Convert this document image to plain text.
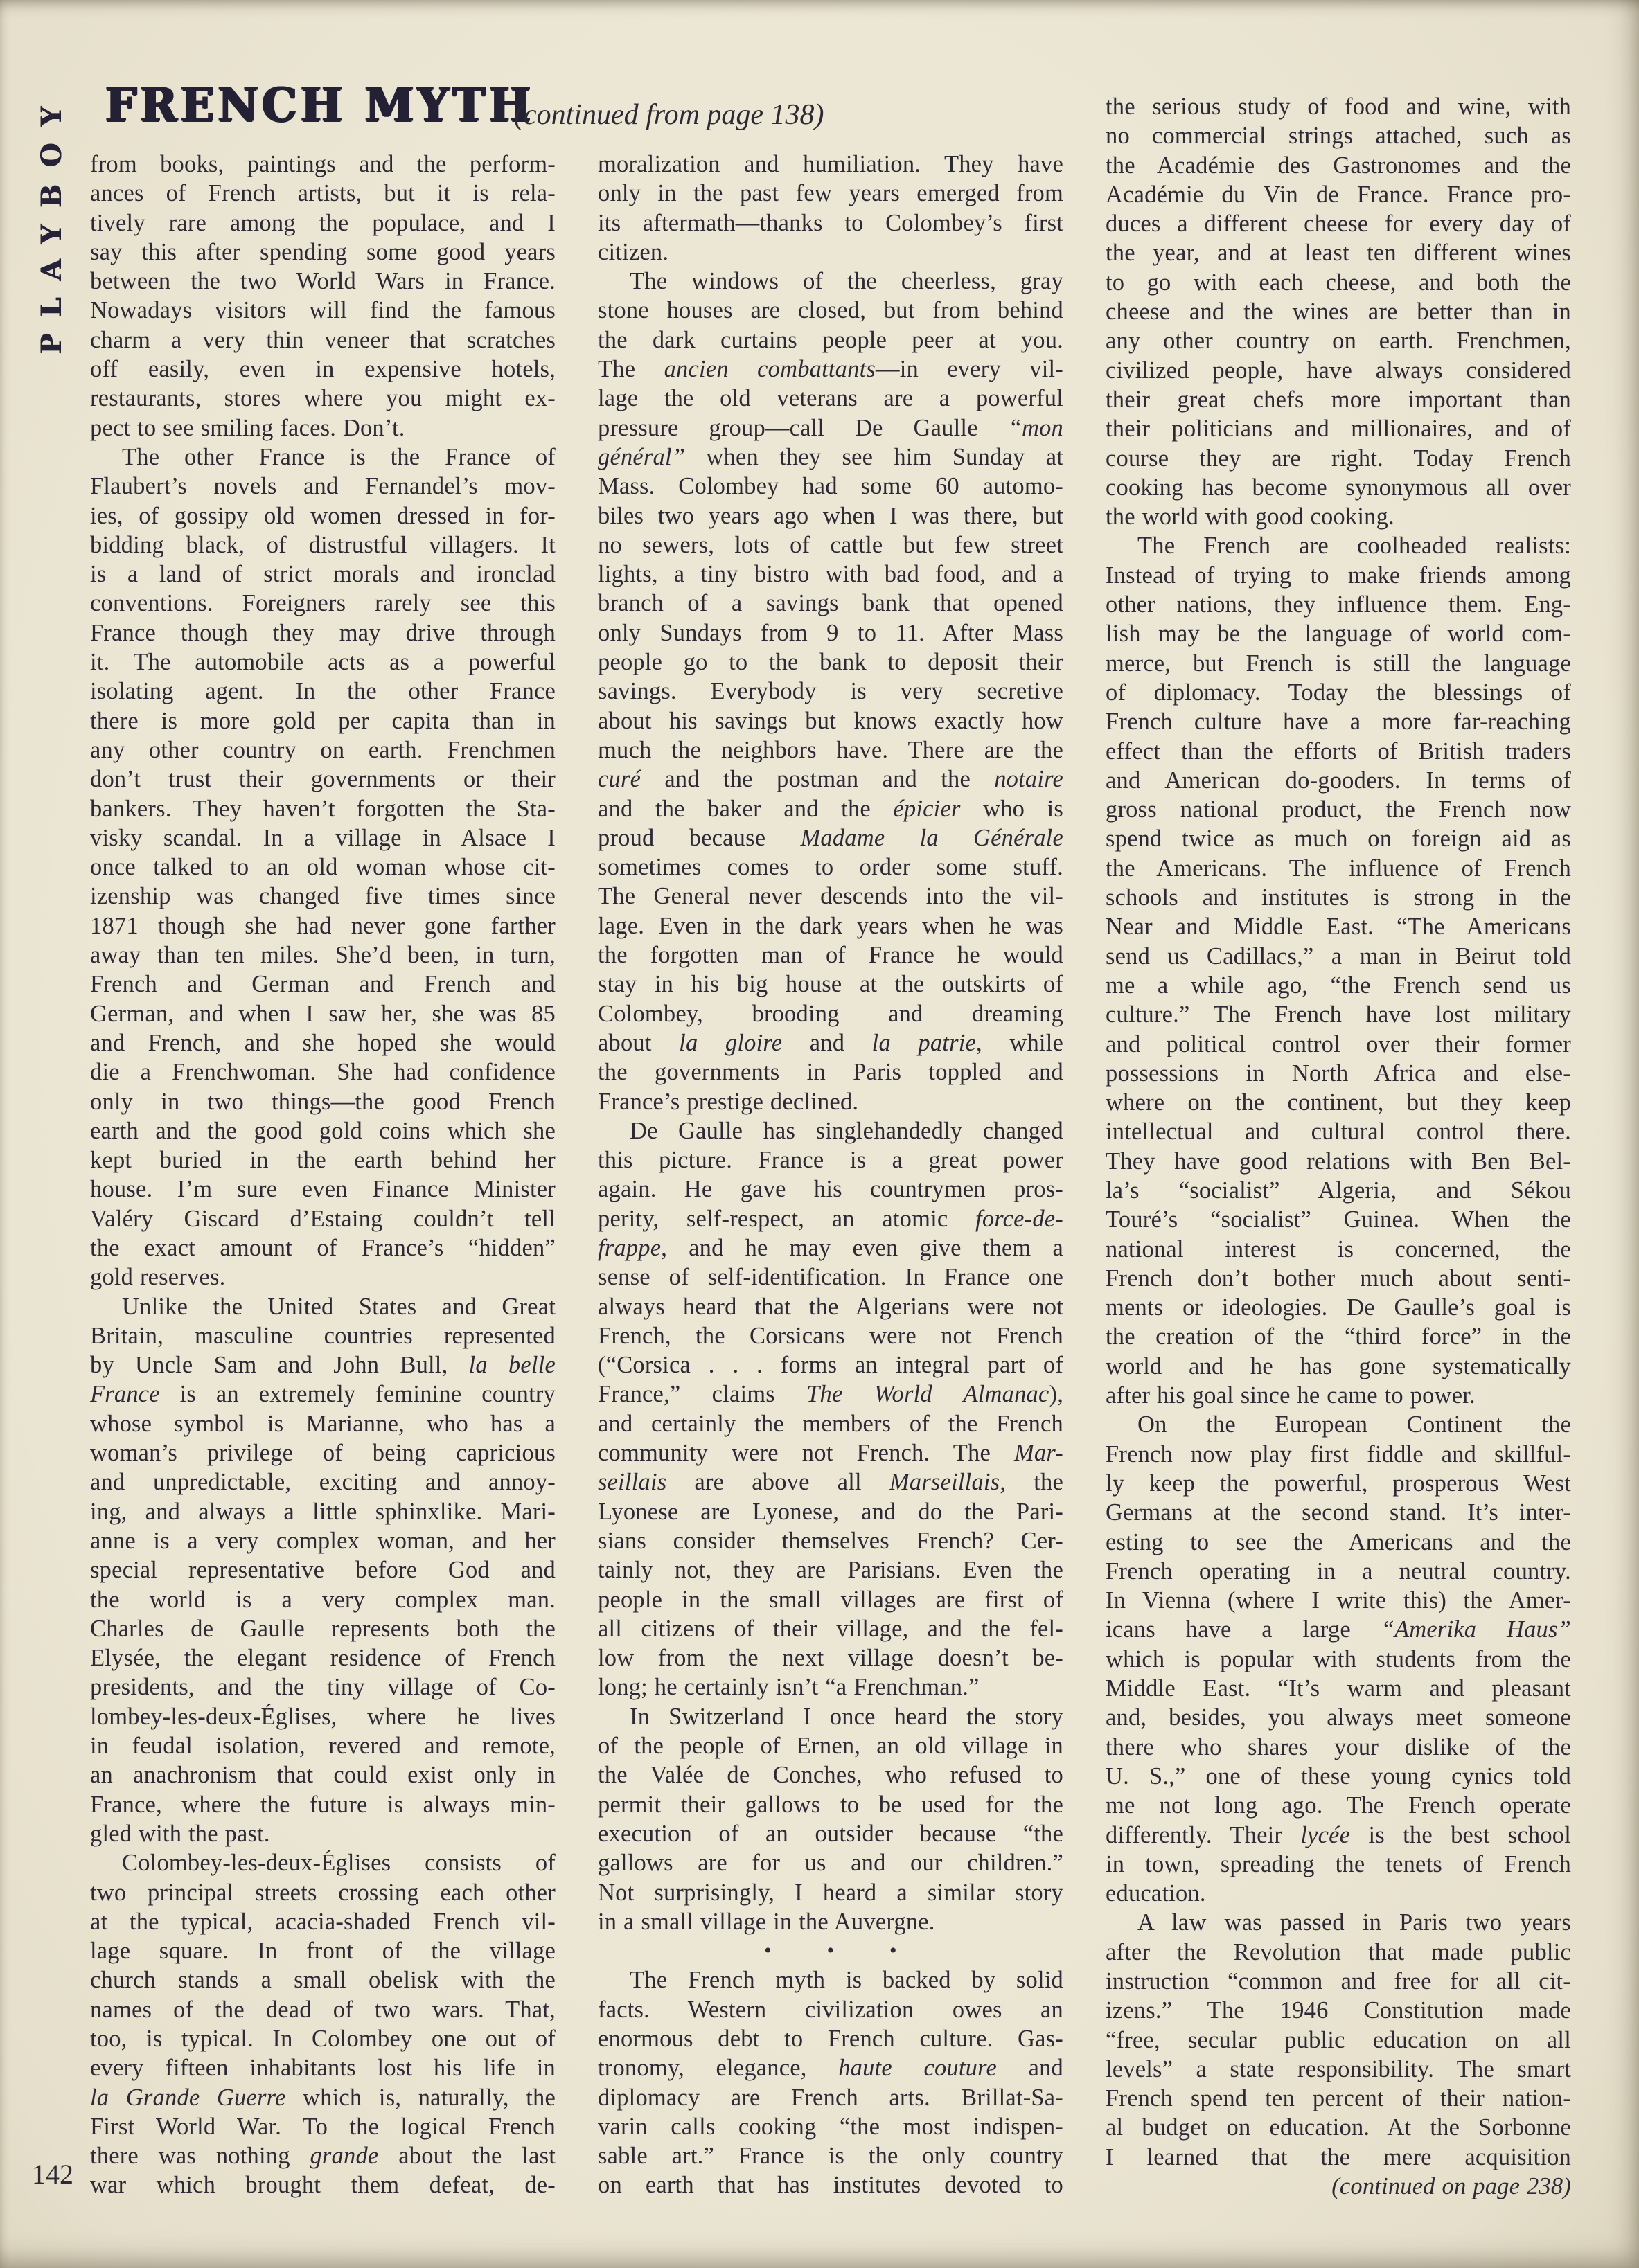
PLAYBOY FRENCH MYTH
(continued from page 138)
from books, paintings and the perform-
ances of French artists, but it is rela-
tively rare among the populace, and I
say this after spending some good years
between the two World Wars in France.
Nowadays visitors will find the famous
charm a very thin veneer that scratches
off easily, even in expensive hotels,
restaurants, stores where you might ex-
pect to see smiling faces. Don’t.
The other France is the France of
Flaubert’s novels and Fernandel’s mov-
ies, of gossipy old women dressed in for-
bidding black, of distrustful villagers. It
is a land of strict morals and ironclad
conventions. Foreigners rarely see this
France though they may drive through
it. The automobile acts as a powerful
isolating agent. In the other France
there is more gold per capita than in
any other country on earth. Frenchmen
don’t trust their governments or their
bankers. They haven’t forgotten the Sta-
visky scandal. In a village in Alsace I
once talked to an old woman whose cit-
izenship was changed five times since
1871 though she had never gone farther
away than ten miles. She’d been, in turn,
French and German and French and
German, and when I saw her, she was 85
and French, and she hoped she would
die a Frenchwoman. She had confidence
only in two things—the good French
earth and the good gold coins which she
kept buried in the earth behind her
house. I’m sure even Finance Minister
Valéry Giscard d’Estaing couldn’t tell
the exact amount of France’s “hidden”
gold reserves.
Unlike the United States and Great
Britain, masculine countries represented
by Uncle Sam and John Bull, la belle
France is an extremely feminine country
whose symbol is Marianne, who has a
woman’s privilege of being capricious
and unpredictable, exciting and annoy-
ing, and always a little sphinxlike. Mari-
anne is a very complex woman, and her
special representative before God and
the world is a very complex man.
Charles de Gaulle represents both the
Elysée, the elegant residence of French
presidents, and the tiny village of Co-
lombey-les-deux-Églises, where he lives
in feudal isolation, revered and remote,
an anachronism that could exist only in
France, where the future is always min-
gled with the past.
Colombey-les-deux-Églises consists of
two principal streets crossing each other
at the typical, acacia-shaded French vil-
lage square. In front of the village
church stands a small obelisk with the
names of the dead of two wars. That,
too, is typical. In Colombey one out of
every fifteen inhabitants lost his life in
la Grande Guerre which is, naturally, the
First World War. To the logical French
there was nothing grande about the last
war which brought them defeat, de-
moralization and humiliation. They have
only in the past few years emerged from
its aftermath—thanks to Colombey’s first
citizen.
The windows of the cheerless, gray
stone houses are closed, but from behind
the dark curtains people peer at you.
The ancien combattants—in every vil-
lage the old veterans are a powerful
pressure group—call De Gaulle “mon
général” when they see him Sunday at
Mass. Colombey had some 60 automo-
biles two years ago when I was there, but
no sewers, lots of cattle but few street
lights, a tiny bistro with bad food, and a
branch of a savings bank that opened
only Sundays from 9 to 11. After Mass
people go to the bank to deposit their
savings. Everybody is very secretive
about his savings but knows exactly how
much the neighbors have. There are the
curé and the postman and the notaire
and the baker and the épicier who is
proud because Madame la Générale
sometimes comes to order some stuff.
The General never descends into the vil-
lage. Even in the dark years when he was
the forgotten man of France he would
stay in his big house at the outskirts of
Colombey, brooding and dreaming
about la gloire and la patrie, while
the governments in Paris toppled and
France’s prestige declined.
De Gaulle has singlehandedly changed
this picture. France is a great power
again. He gave his countrymen pros-
perity, self-respect, an atomic force-de-
frappe, and he may even give them a
sense of self-identification. In France one
always heard that the Algerians were not
French, the Corsicans were not French
(“Corsica . . . forms an integral part of
France,” claims The World Almanac),
and certainly the members of the French
community were not French. The Mar-
seillais are above all Marseillais, the
Lyonese are Lyonese, and do the Pari-
sians consider themselves French? Cer-
tainly not, they are Parisians. Even the
people in the small villages are first of
all citizens of their village, and the fel-
low from the next village doesn’t be-
long; he certainly isn’t “a Frenchman.”
In Switzerland I once heard the story
of the people of Ernen, an old village in
the Valée de Conches, who refused to
permit their gallows to be used for the
execution of an outsider because “the
gallows are for us and our children.”
Not surprisingly, I heard a similar story
in a small village in the Auvergne.
• • •
The French myth is backed by solid
facts. Western civilization owes an
enormous debt to French culture. Gas-
tronomy, elegance, haute couture and
diplomacy are French arts. Brillat-Sa-
varin calls cooking “the most indispen-
sable art.” France is the only country
on earth that has institutes devoted to
the serious study of food and wine, with
no commercial strings attached, such as
the Académie des Gastronomes and the
Académie du Vin de France. France pro-
duces a different cheese for every day of
the year, and at least ten different wines
to go with each cheese, and both the
cheese and the wines are better than in
any other country on earth. Frenchmen,
civilized people, have always considered
their great chefs more important than
their politicians and millionaires, and of
course they are right. Today French
cooking has become synonymous all over
the world with good cooking.
The French are coolheaded realists:
Instead of trying to make friends among
other nations, they influence them. Eng-
lish may be the language of world com-
merce, but French is still the language
of diplomacy. Today the blessings of
French culture have a more far-reaching
effect than the efforts of British traders
and American do-gooders. In terms of
gross national product, the French now
spend twice as much on foreign aid as
the Americans. The influence of French
schools and institutes is strong in the
Near and Middle East. “The Americans
send us Cadillacs,” a man in Beirut told
me a while ago, “the French send us
culture.” The French have lost military
and political control over their former
possessions in North Africa and else-
where on the continent, but they keep
intellectual and cultural control there.
They have good relations with Ben Bel-
la’s “socialist” Algeria, and Sékou
Touré’s “socialist” Guinea. When the
national interest is concerned, the
French don’t bother much about senti-
ments or ideologies. De Gaulle’s goal is
the creation of the “third force” in the
world and he has gone systematically
after his goal since he came to power.
On the European Continent the
French now play first fiddle and skillful-
ly keep the powerful, prosperous West
Germans at the second stand. It’s inter-
esting to see the Americans and the
French operating in a neutral country.
In Vienna (where I write this) the Amer-
icans have a large “Amerika Haus”
which is popular with students from the
Middle East. “It’s warm and pleasant
and, besides, you always meet someone
there who shares your dislike of the
U. S.,” one of these young cynics told
me not long ago. The French operate
differently. Their lycée is the best school
in town, spreading the tenets of French
education.
A law was passed in Paris two years
after the Revolution that made public
instruction “common and free for all cit-
izens.” The 1946 Constitution made
“free, secular public education on all
levels” a state responsibility. The smart
French spend ten percent of their nation-
al budget on education. At the Sorbonne
I learned that the mere acquisition
(continued on page 238)
142
